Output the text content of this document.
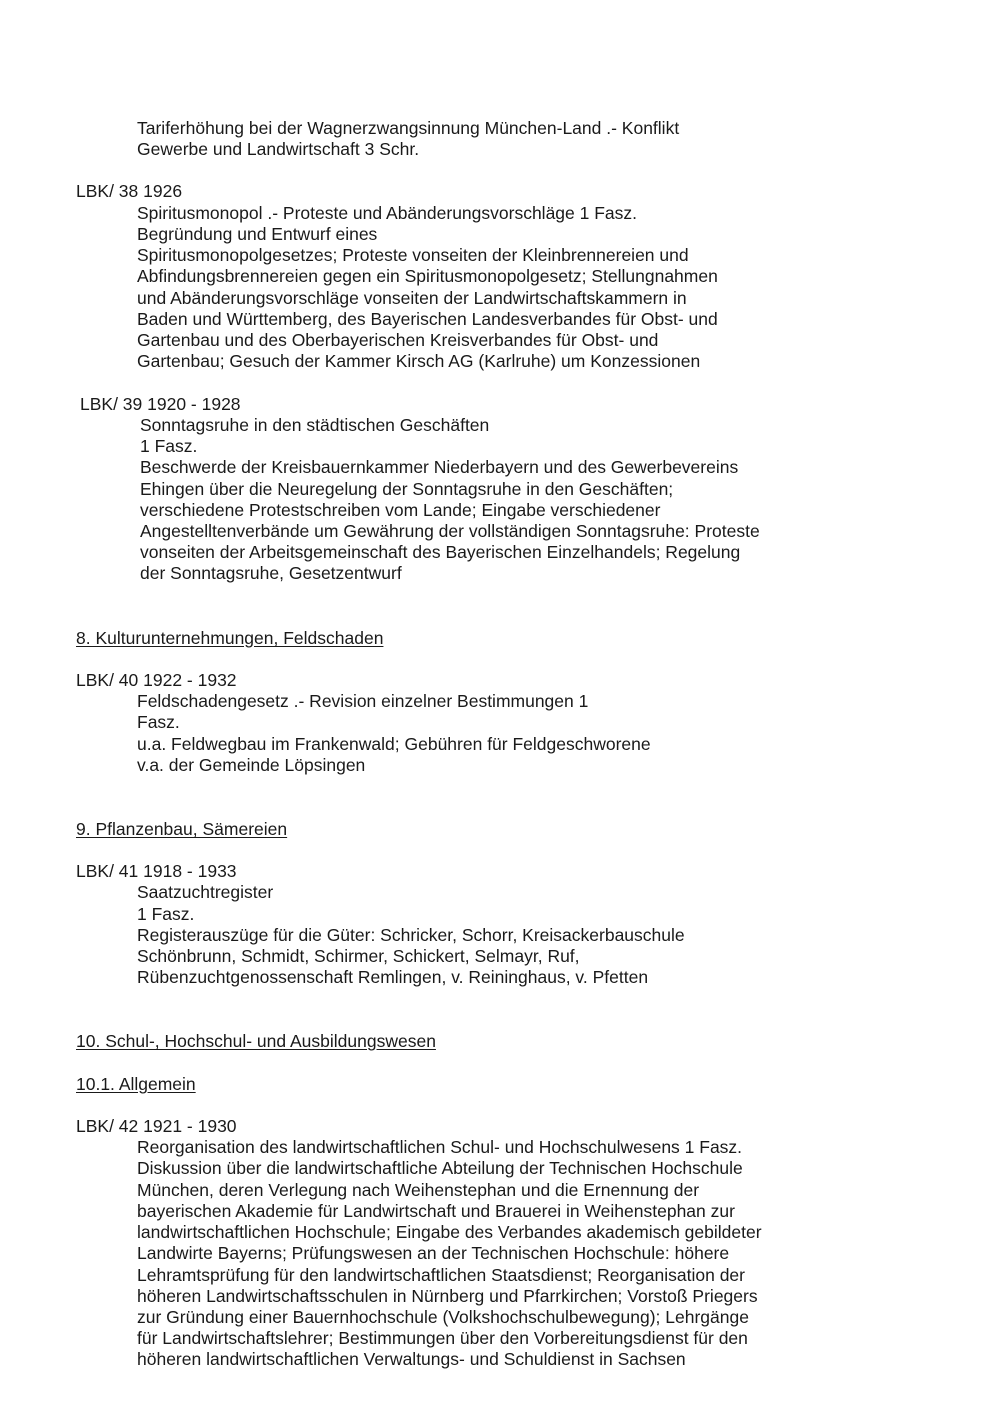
Tariferhöhung bei der Wagnerzwangsinnung München-Land .- Konflikt
Gewerbe und Landwirtschaft 3 Schr.
LBK/ 38 1926
Spiritusmonopol .- Proteste und Abänderungsvorschläge 1 Fasz.
Begründung und Entwurf eines
Spiritusmonopolgesetzes; Proteste vonseiten der Kleinbrennereien und
Abfindungsbrennereien gegen ein Spiritusmonopolgesetz; Stellungnahmen
und Abänderungsvorschläge vonseiten der Landwirtschaftskammern in
Baden und Württemberg, des Bayerischen Landesverbandes für Obst- und
Gartenbau und des Oberbayerischen Kreisverbandes für Obst- und
Gartenbau; Gesuch der Kammer Kirsch AG (Karlruhe) um Konzessionen
LBK/ 39 1920 - 1928
Sonntagsruhe in den städtischen Geschäften
1 Fasz.
Beschwerde der Kreisbauernkammer Niederbayern und des Gewerbevereins
Ehingen über die Neuregelung der Sonntagsruhe in den Geschäften;
verschiedene Protestschreiben vom Lande; Eingabe verschiedener
Angestelltenverbände um Gewährung der vollständigen Sonntagsruhe: Proteste
vonseiten der Arbeitsgemeinschaft des Bayerischen Einzelhandels; Regelung
der Sonntagsruhe, Gesetzentwurf
8. Kulturunternehmungen, Feldschaden
LBK/ 40 1922 - 1932
Feldschadengesetz .- Revision einzelner Bestimmungen 1
Fasz.
u.a. Feldwegbau im Frankenwald; Gebühren für Feldgeschworene
v.a. der Gemeinde Löpsingen
9. Pflanzenbau, Sämereien
LBK/ 41 1918 - 1933
Saatzuchtregister
1 Fasz.
Registerauszüge für die Güter: Schricker, Schorr, Kreisackerbauschule
Schönbrunn, Schmidt, Schirmer, Schickert, Selmayr, Ruf,
Rübenzuchtgenossenschaft Remlingen, v. Reininghaus, v. Pfetten
10. Schul-, Hochschul- und Ausbildungswesen
10.1. Allgemein
LBK/ 42 1921 - 1930
Reorganisation des landwirtschaftlichen Schul- und Hochschulwesens 1 Fasz.
Diskussion über die landwirtschaftliche Abteilung der Technischen Hochschule
München, deren Verlegung nach Weihenstephan und die Ernennung der
bayerischen Akademie für Landwirtschaft und Brauerei in Weihenstephan zur
landwirtschaftlichen Hochschule; Eingabe des Verbandes akademisch gebildeter
Landwirte Bayerns; Prüfungswesen an der Technischen Hochschule: höhere
Lehramtsprüfung für den landwirtschaftlichen Staatsdienst; Reorganisation der
höheren Landwirtschaftsschulen in Nürnberg und Pfarrkirchen; Vorstoß Priegers
zur Gründung einer Bauernhochschule (Volkshochschulbewegung); Lehrgänge
für Landwirtschaftslehrer; Bestimmungen über den Vorbereitungsdienst für den
höheren landwirtschaftlichen Verwaltungs- und Schuldienst in Sachsen
